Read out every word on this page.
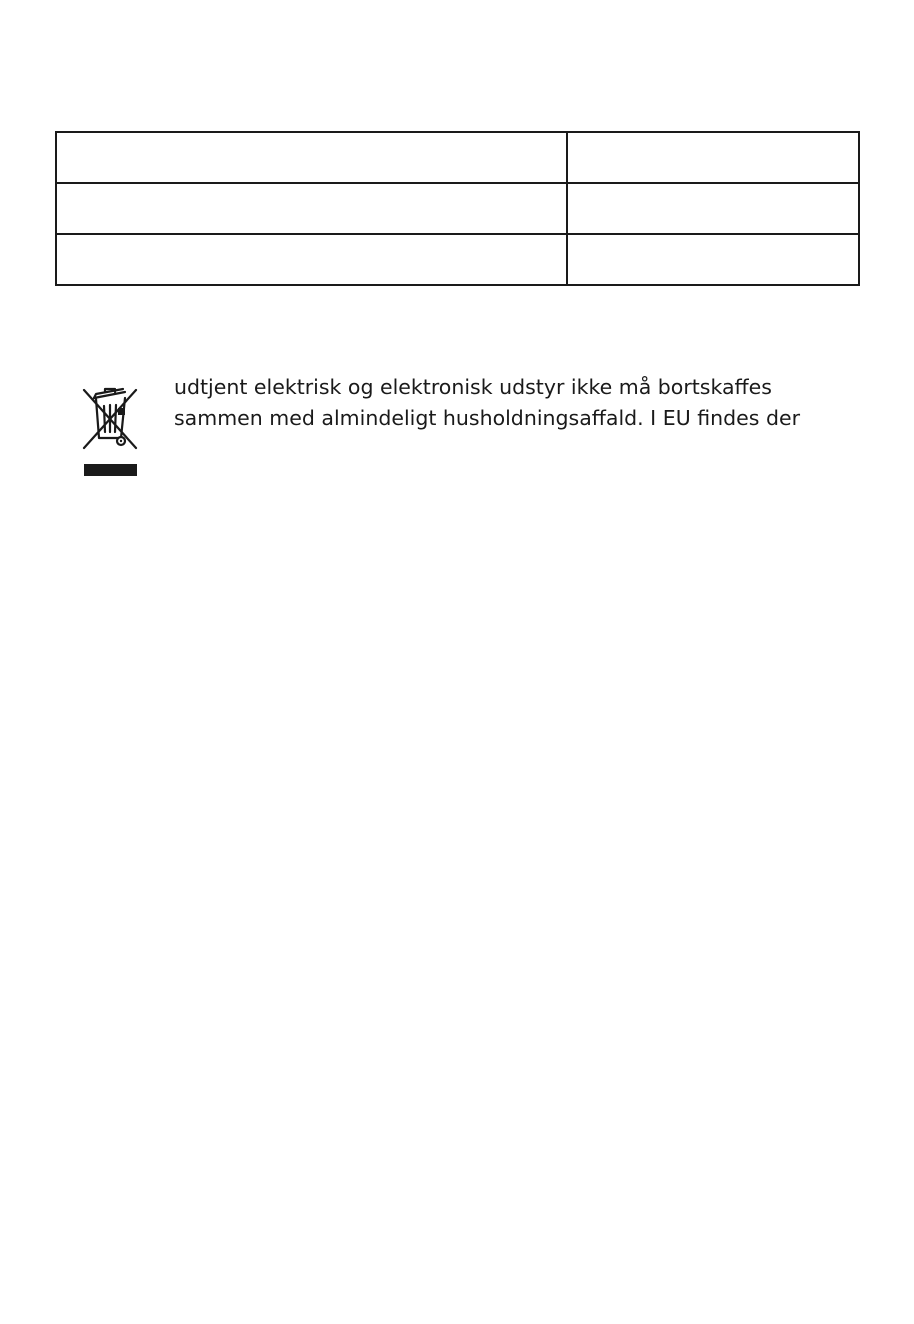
udtjent elektrisk og elektronisk udstyr ikke må bortskaffes

sammen med almindeligt husholdningsaffald. I EU findes der
